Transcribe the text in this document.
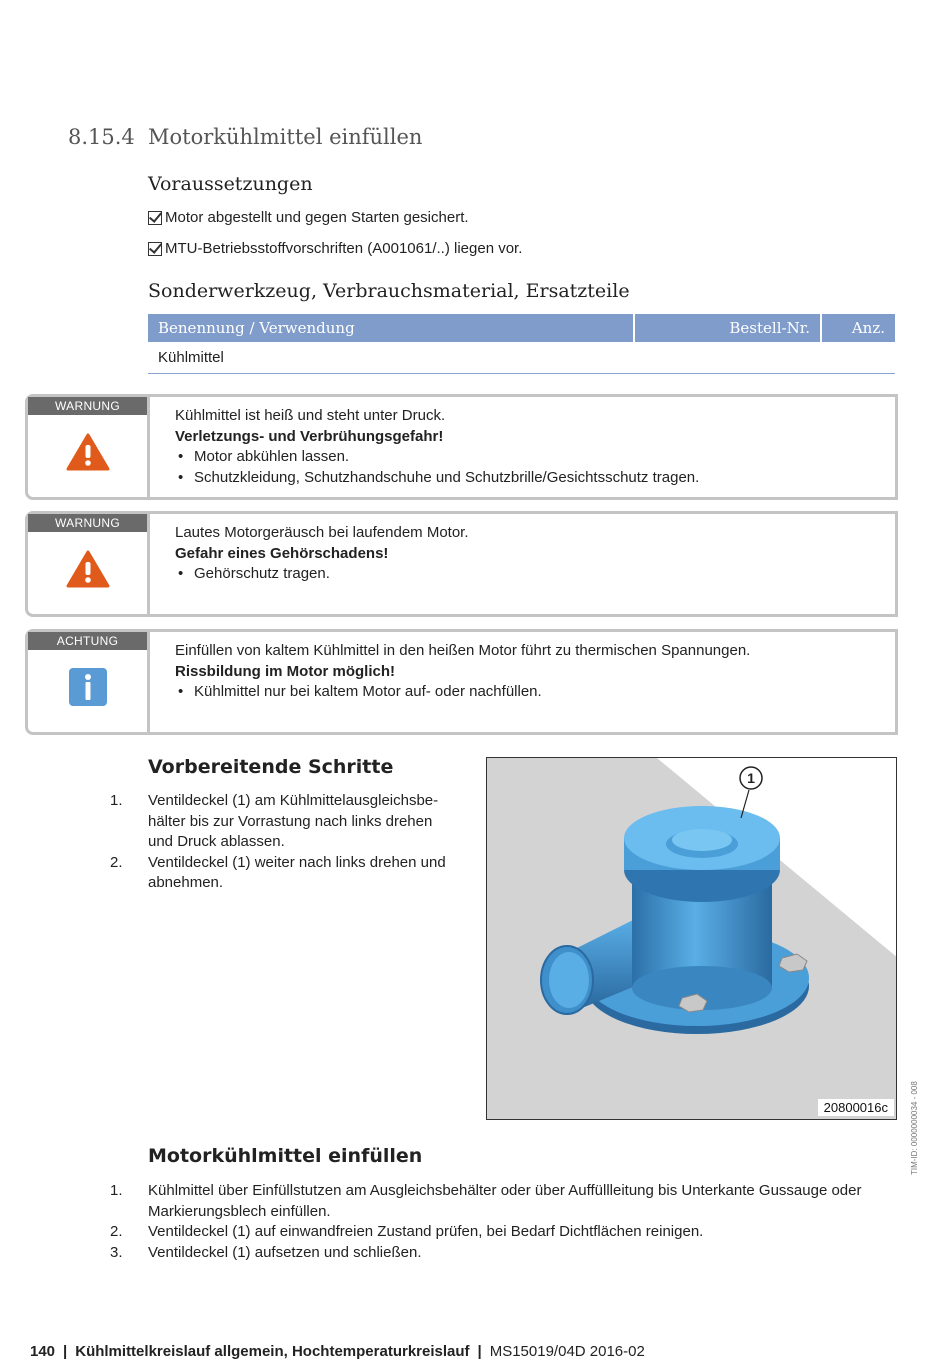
8.15.4 Motorkühlmittel einfüllen
Voraussetzungen
Motor abgestellt und gegen Starten gesichert.
MTU-Betriebsstoffvorschriften (A001061/..) liegen vor.
Sonderwerkzeug, Verbrauchsmaterial, Ersatzteile
Benennung / Verwendung	Bestell-Nr.	Anz.
Kühlmittel
WARNUNG
Kühlmittel ist heiß und steht unter Druck.
Verletzungs- und Verbrühungsgefahr!
• Motor abkühlen lassen.
• Schutzkleidung, Schutzhandschuhe und Schutzbrille/Gesichtsschutz tragen.
WARNUNG
Lautes Motorgeräusch bei laufendem Motor.
Gefahr eines Gehörschadens!
• Gehörschutz tragen.
ACHTUNG
Einfüllen von kaltem Kühlmittel in den heißen Motor führt zu thermischen Spannungen.
Rissbildung im Motor möglich!
• Kühlmittel nur bei kaltem Motor auf- oder nachfüllen.
Vorbereitende Schritte
1.	Ventildeckel (1) am Kühlmittelausgleichsbe-
hälter bis zur Vorrastung nach links drehen
und Druck ablassen.
2.	Ventildeckel (1) weiter nach links drehen und
abnehmen.
1
20800016c
Motorkühlmittel einfüllen
1.	Kühlmittel über Einfüllstutzen am Ausgleichsbehälter oder über Auffüllleitung bis Unterkante Gussauge oder
Markierungsblech einfüllen.
2.	Ventildeckel (1) auf einwandfreien Zustand prüfen, bei Bedarf Dichtflächen reinigen.
3.	Ventildeckel (1) aufsetzen und schließen.
TIM-ID: 0000000034 - 008
140 | Kühlmittelkreislauf allgemein, Hochtemperaturkreislauf | MS15019/04D 2016-02
